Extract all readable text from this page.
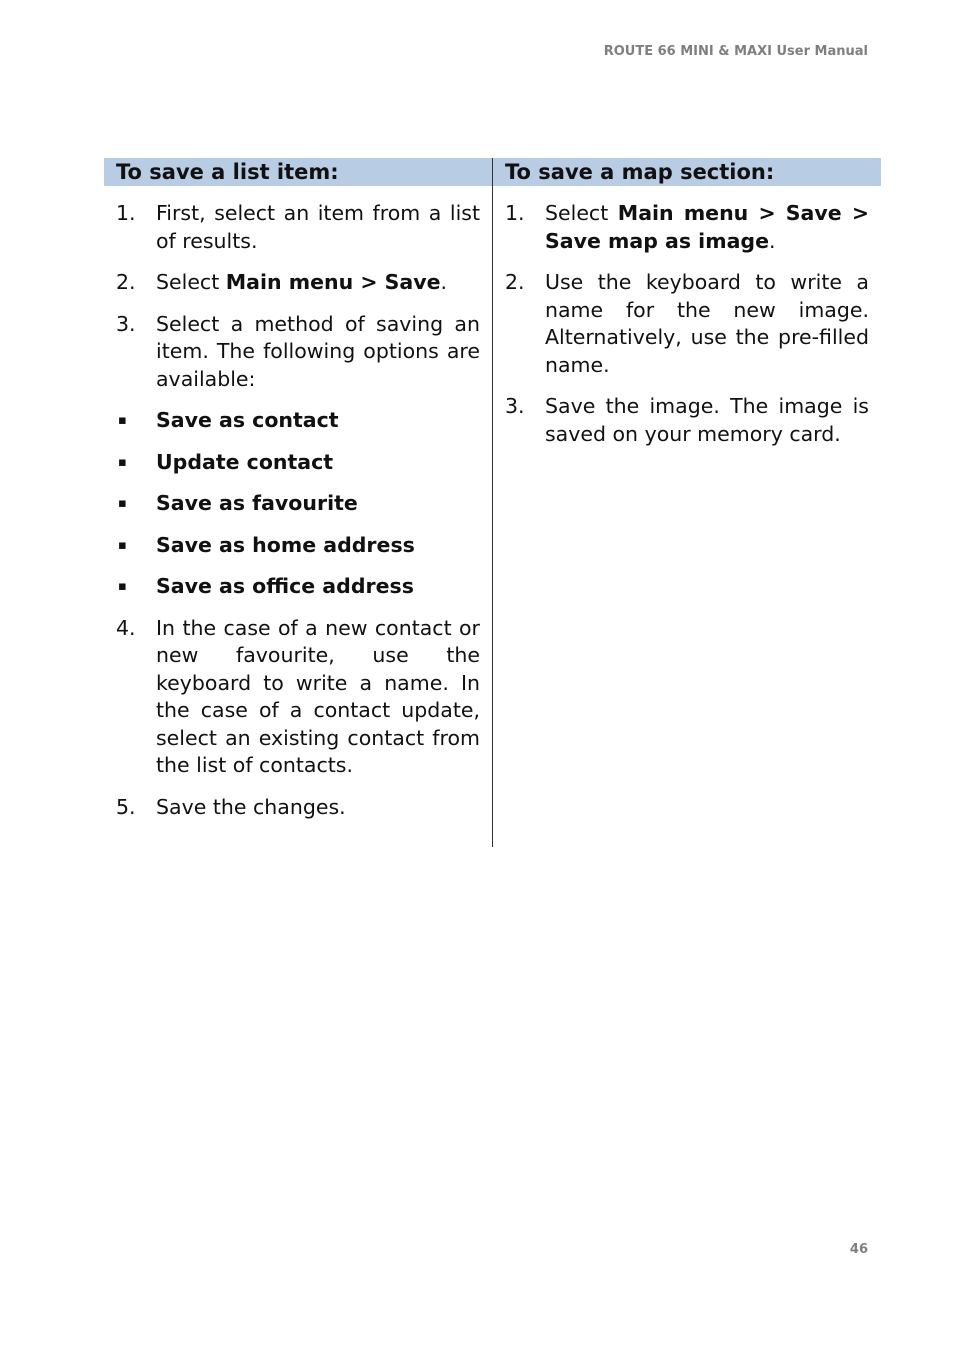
ROUTE 66 MINI & MAXI User Manual
To save a list item:
1. First, select an item from a list of results.
2. Select Main menu > Save.
3. Select a method of saving an item. The following options are available:
▪	Save as contact
▪	Update contact
▪	Save as favourite
▪	Save as home address
▪	Save as office address
4. In the case of a new contact or new favourite, use the keyboard to write a name. In the case of a contact update, select an existing contact from the list of contacts.
5. Save the changes.
To save a map section:
1. Select Main menu > Save > Save map as image.
2. Use the keyboard to write a name for the new image. Alternatively, use the pre-filled name.
3. Save the image. The image is saved on your memory card.
46
